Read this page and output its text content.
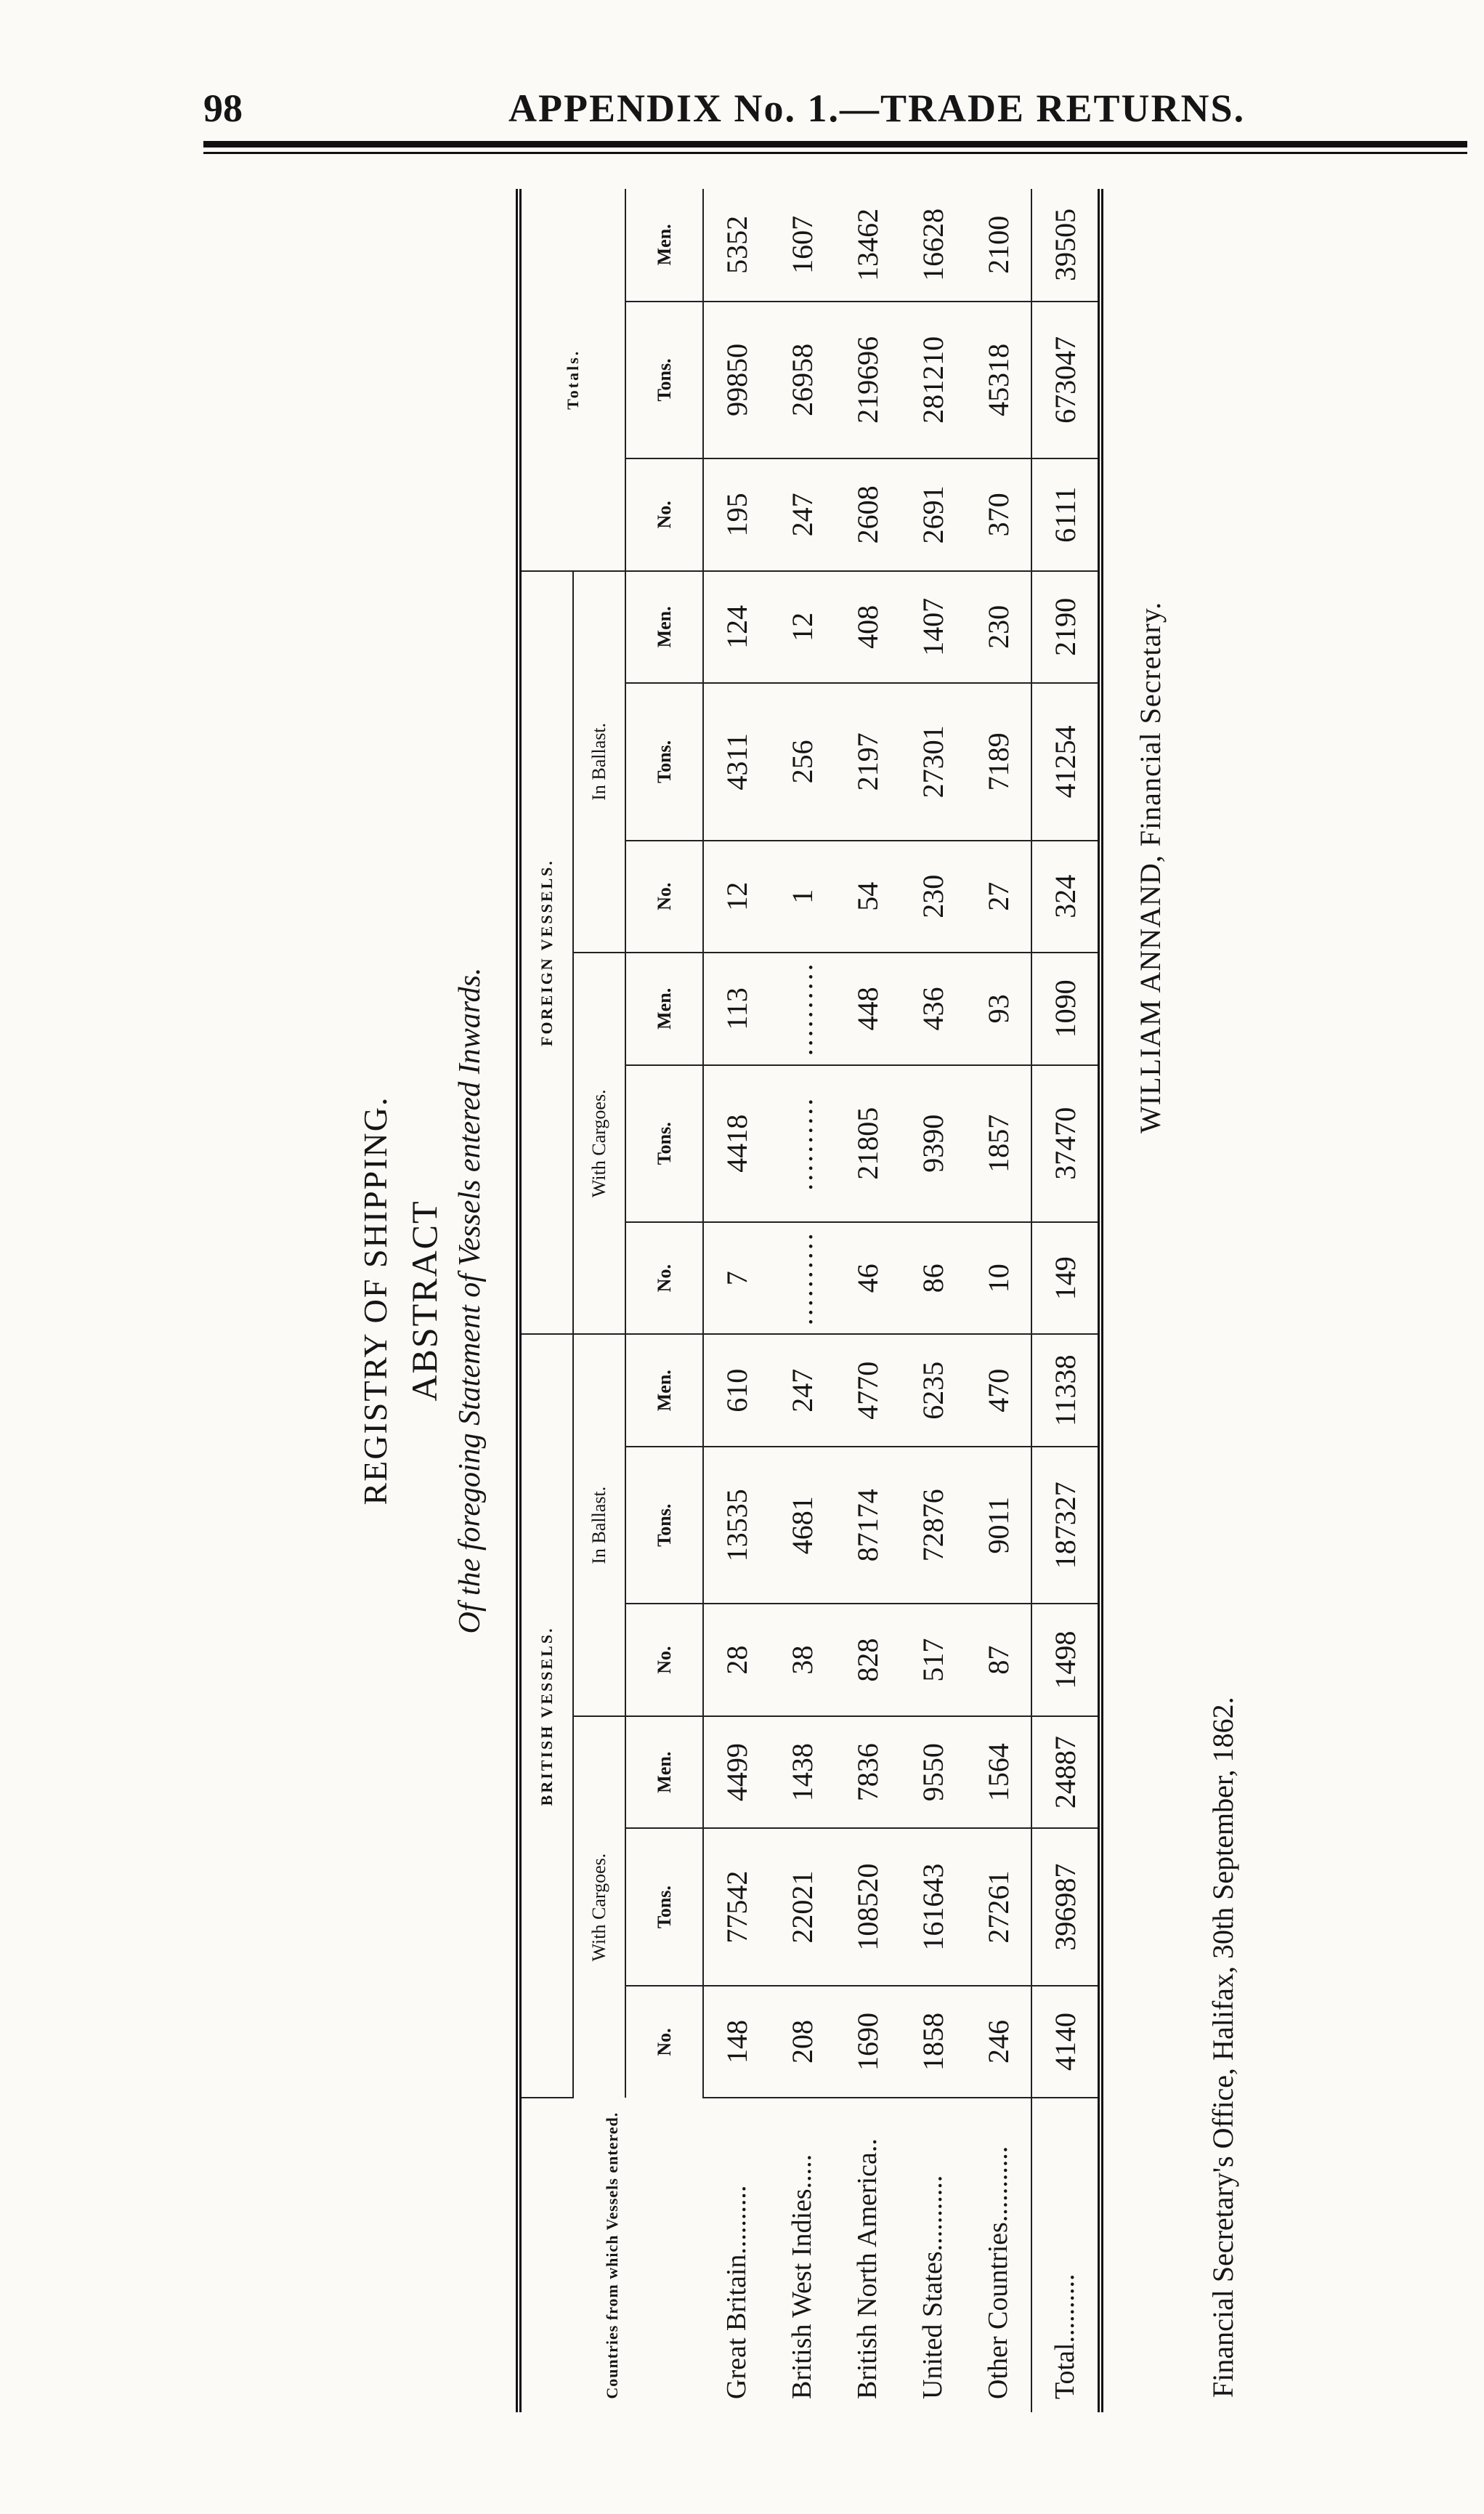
98	APPENDIX No. 1.—TRADE RETURNS.
REGISTRY OF SHIPPING. ABSTRACT Of the foregoing Statement of Vessels entered Inwards.
Countries from which Vessels entered.	BRITISH VESSELS.						FOREIGN VESSELS.						Totals.		
	With Cargoes.			In Ballast.			With Cargoes.			In Ballast.					
	No.	Tons.	Men.	No.	Tons.	Men.	No.	Tons.	Men.	No.	Tons.	Men.	No.	Tons.	Men.
Great Britain..........	148	77542	4499	28	13535	610	7	4418	113	12	4311	124	195	99850	5352
British West Indies.....	208	22021	1438	38	4681	247	..........	..........	..........	1	256	12	247	26958	1607
British North America..	1690	108520	7836	828	87174	4770	46	21805	448	54	2197	408	2608	219696	13462
United States...........	1858	161643	9550	517	72876	6235	86	9390	436	230	27301	1407	2691	281210	16628
Other Countries...........	246	27261	1564	87	9011	470	10	1857	93	27	7189	230	370	45318	2100
Total..........	4140	396987	24887	1498	187327	11338	149	37470	1090	324	41254	2190	6111	673047	39505
WILLIAM ANNAND, Financial Secretary.
Financial Secretary's Office, Halifax, 30th September, 1862.
